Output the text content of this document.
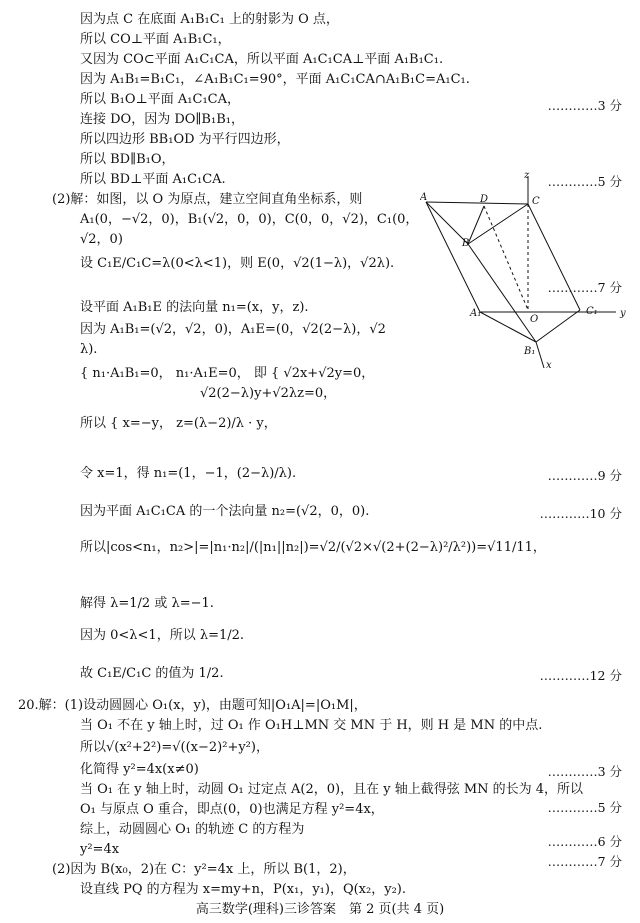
因为点 C 在底面 A₁B₁C₁ 上的射影为 O 点，
所以 CO⊥平面 A₁B₁C₁，
又因为 CO⊂平面 A₁C₁CA，所以平面 A₁C₁CA⊥平面 A₁B₁C₁.
因为 A₁B₁=B₁C₁，∠A₁B₁C₁=90°，平面 A₁C₁CA∩A₁B₁C=A₁C₁.
所以 B₁O⊥平面 A₁C₁CA，
连接 DO，因为 DO∥B₁B₁，
所以四边形 BB₁OD 为平行四边形，
所以 BD∥B₁O，
所以 BD⊥平面 A₁C₁CA.
(2)解：如图，以 O 为原点，建立空间直角坐标系，则
A₁(0，−√2，0)，B₁(√2，0，0)，C(0，0，√2)，C₁(0，
√2，0)
设 C₁E/C₁C=λ(0<λ<1)，则 E(0，√2(1−λ)，√2λ).
设平面 A₁B₁E 的法向量 n₁=(x，y，z).
因为 A₁B₁=(√2，√2，0)，A₁E=(0，√2(2−λ)，√2
λ).
{ n₁·A₁B₁=0， n₁·A₁E=0， 即 { √2x+√2y=0，
√2(2−λ)y+√2λz=0，
所以 { x=−y， z=(λ−2)/λ · y，
令 x=1，得 n₁=(1，−1，(2−λ)/λ).
因为平面 A₁C₁CA 的一个法向量 n₂=(√2，0，0).
所以|cos<n₁，n₂>|=|n₁·n₂|/(|n₁||n₂|)=√2/(√2×√(2+(2−λ)²/λ²))=√11/11，
解得 λ=1/2 或 λ=−1.
因为 0<λ<1，所以 λ=1/2.
故 C₁E/C₁C 的值为 1/2.
20.解：(1)设动圆圆心 O₁(x，y)，由题可知|O₁A|=|O₁M|，
当 O₁ 不在 y 轴上时，过 O₁ 作 O₁H⊥MN 交 MN 于 H，则 H 是 MN 的中点.
所以√(x²+2²)=√((x−2)²+y²)，
化简得 y²=4x(x≠0)
当 O₁ 在 y 轴上时，动圆 O₁ 过定点 A(2，0)，且在 y 轴上截得弦 MN 的长为 4，所以
O₁ 与原点 O 重合，即点(0，0)也满足方程 y²=4x，
综上，动圆圆心 O₁ 的轨迹 C 的方程为
y²=4x
(2)因为 B(x₀，2)在 C：y²=4x 上，所以 B(1，2)，
设直线 PQ 的方程为 x=my+n，P(x₁，y₁)，Q(x₂，y₂).
…………3 分
…………5 分
…………7 分
…………9 分
…………10 分
…………12 分
…………3 分
…………5 分
…………6 分
…………7 分
A	D	C
B
A₁
O
C₁
B₁
z
x
y
高三数学(理科)三诊答案　第 2 页(共 4 页)
